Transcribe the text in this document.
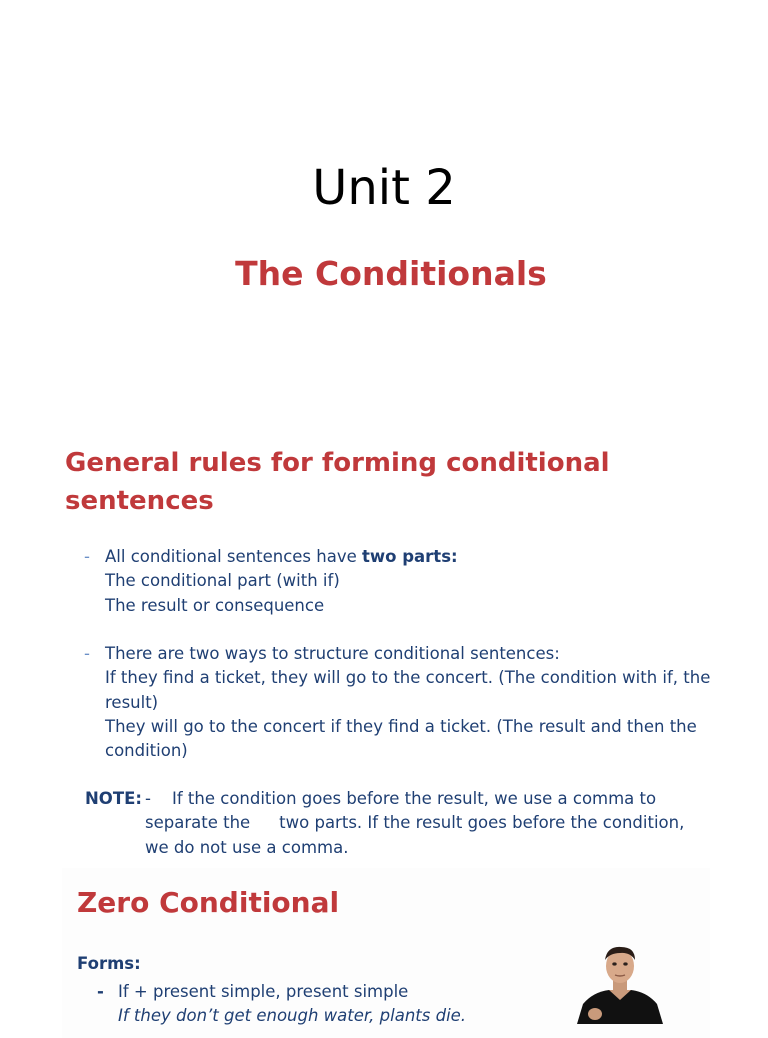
Unit 2
The Conditionals
General rules for forming conditional sentences
- All conditional sentences have two parts:
The conditional part (with if)
The result or consequence
- There are two ways to structure conditional sentences:
If they find a ticket, they will go to the concert. (The condition with if, the result)
They will go to the concert if they find a ticket. (The result and then the condition)
NOTE: -	If the condition goes before the result, we use a comma to
separate the two parts. If the result goes before the condition,
we do not use a comma.
Zero Conditional
Forms:
- If + present simple, present simple
If they don’t get enough water, plants die.
